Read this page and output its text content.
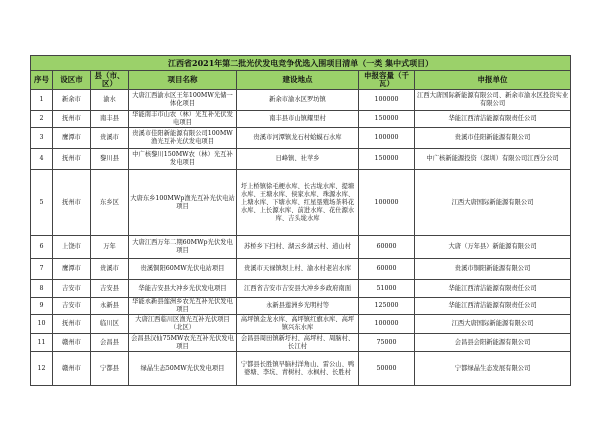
江西省2021年第二批光伏发电竞争优选入围项目清单（一类 集中式项目）						
序号	设区市	县（市、区）	项目名称	建设地点	申报容量（千瓦）	申报单位
1	新余市	渝水	大唐江西渝水区王年100MW光储一体化项目	新余市渝水区罗坊镇	100000	江西大唐国际新能源有限公司、新余市渝水区投资实业有限公司
2	抚州市	南丰县	华能南丰市山农（林）光互补光伏发电项目	南丰县市山镇耀里村	150000	华能江西清洁能源有限责任公司
3	鹰潭市	贵溪市	贵溪市佳阳新能源有限公司100MW渔光互补光伏发电项目	贵溪市河潭镇龙石村蛤蟆石水库	100000	贵溪市佳阳新能源有限公司
4	抚州市	黎川县	中广核黎川150MW农（林）光互补发电项目	日峰镇、社苹乡	150000	中广核新能源投资（深圳）有限公司江西分公司
5	抚州市	东乡区	大唐东乡100MWp渔光互补光伏电站项目	圩上桥镇徐毛梗水库、长古垅水库、提塘水库、王塘水库、侯家水库、珠源水库、上塘水库、下塘水库、红星垦殖场茶料花水库、上长源水库、前进水库、花仕源水库、吉头垅水库	100000	江西大唐国际新能源有限公司
6	上饶市	万年	大唐江西万年二期60MWp光伏发电项目	苏桥乡下扫村、湖云乡湖云村、道山村	60000	大唐（万年县）新能源有限公司
7	鹰潭市	贵溪市	贵溪铜阳60MW光伏电站项目	贵溪市天禄镇坝上村、渝水村老岩水库	60000	贵溪市铜阳新能源有限公司
8	吉安市	吉安县	华能吉安县大冲乡光伏发电项目	江西省吉安市吉安县大冲乡乡政府南面	51000	华能江西清洁能源有限责任公司
9	吉安市	永新县	华能永新县莲洲乡农光互补光伏发电项目	永新县莲洲乡光明村等	125000	华能江西清洁能源有限责任公司
10	抚州市	临川区	大唐江西临川区渔光互补光伏项目（北区）	高坪镇金龙水库、高坪镇红旗水库、高坪镇兴东水库	100000	江西大唐国际新能源有限公司
11	赣州市	会昌县	会昌县汉仙75MW农光互补光伏发电项目	会昌县周田镇新圩村、高坪村、周脑村、长江村	75000	会昌县会阳新能源有限公司
12	赣州市	宁都县	绿晶生态50MW光伏发电项目	宁都县长胜镇早脑村洋角山、雷公山、鸭婆塘、李坑、青树村、水枫村、长胜村	50000	宁都绿晶生态发展有限公司
